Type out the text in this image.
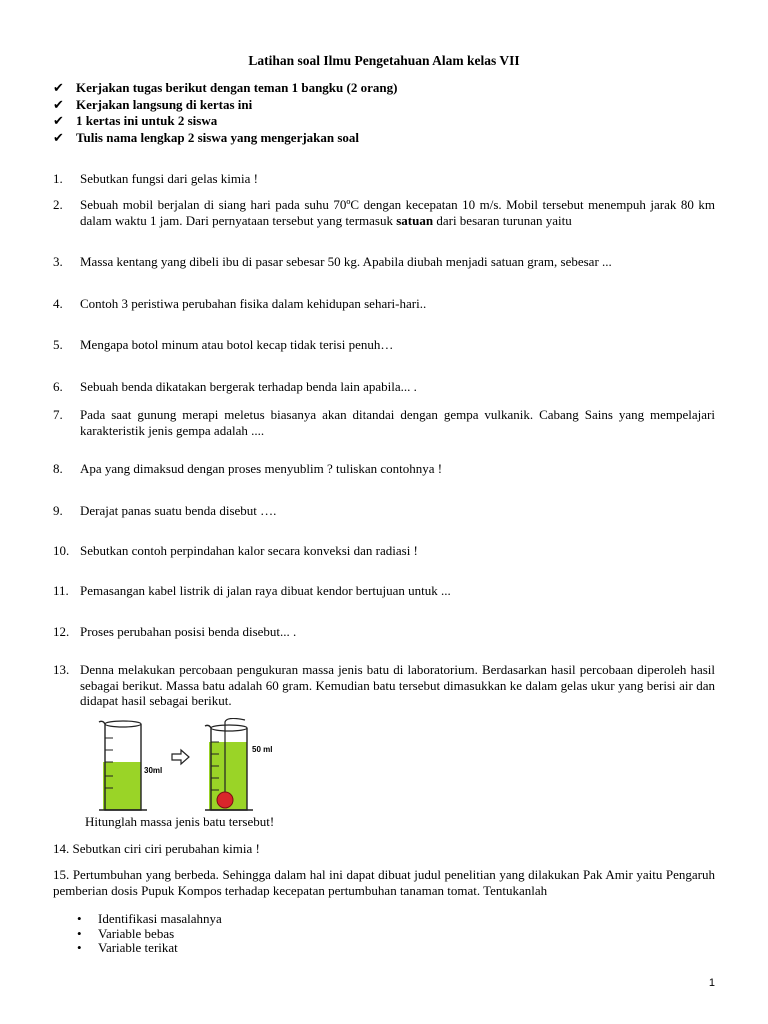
Latihan soal Ilmu Pengetahuan Alam kelas VII
✔ Kerjakan tugas berikut dengan teman 1 bangku (2 orang)
✔ Kerjakan langsung di kertas ini
✔ 1 kertas ini untuk 2 siswa
✔ Tulis nama lengkap 2 siswa yang mengerjakan soal
1. Sebutkan fungsi dari gelas kimia !
2. Sebuah mobil berjalan di siang hari pada suhu 70ºC dengan kecepatan 10 m/s. Mobil tersebut menempuh jarak 80 km dalam waktu 1 jam. Dari pernyataan tersebut yang termasuk satuan dari besaran turunan yaitu
3. Massa kentang yang dibeli ibu di pasar sebesar 50 kg. Apabila diubah menjadi satuan gram, sebesar ...
4. Contoh 3 peristiwa perubahan fisika dalam kehidupan sehari-hari..
5. Mengapa botol minum atau botol kecap tidak terisi penuh…
6. Sebuah benda dikatakan bergerak terhadap benda lain apabila... .
7. Pada saat gunung merapi meletus biasanya akan ditandai dengan gempa vulkanik. Cabang Sains yang mempelajari karakteristik jenis gempa adalah ....
8. Apa yang dimaksud dengan proses menyublim ? tuliskan contohnya !
9. Derajat panas suatu benda disebut ….
10. Sebutkan contoh perpindahan kalor secara konveksi dan radiasi !
11. Pemasangan kabel listrik di jalan raya dibuat kendor bertujuan untuk ...
12. Proses perubahan posisi benda disebut... .
13. Denna melakukan percobaan pengukuran massa jenis batu di laboratorium. Berdasarkan hasil percobaan diperoleh hasil sebagai berikut. Massa batu adalah 60 gram. Kemudian batu tersebut dimasukkan ke dalam gelas ukur yang berisi air dan didapat hasil sebagai berikut.
30ml
50 ml
Hitunglah massa jenis batu tersebut!
14. Sebutkan ciri ciri perubahan kimia !
15. Pertumbuhan yang berbeda. Sehingga dalam hal ini dapat dibuat judul penelitian yang dilakukan Pak Amir yaitu Pengaruh pemberian dosis Pupuk Kompos terhadap kecepatan pertumbuhan tanaman tomat. Tentukanlah
• Identifikasi masalahnya
• Variable bebas
• Variable terikat
1
